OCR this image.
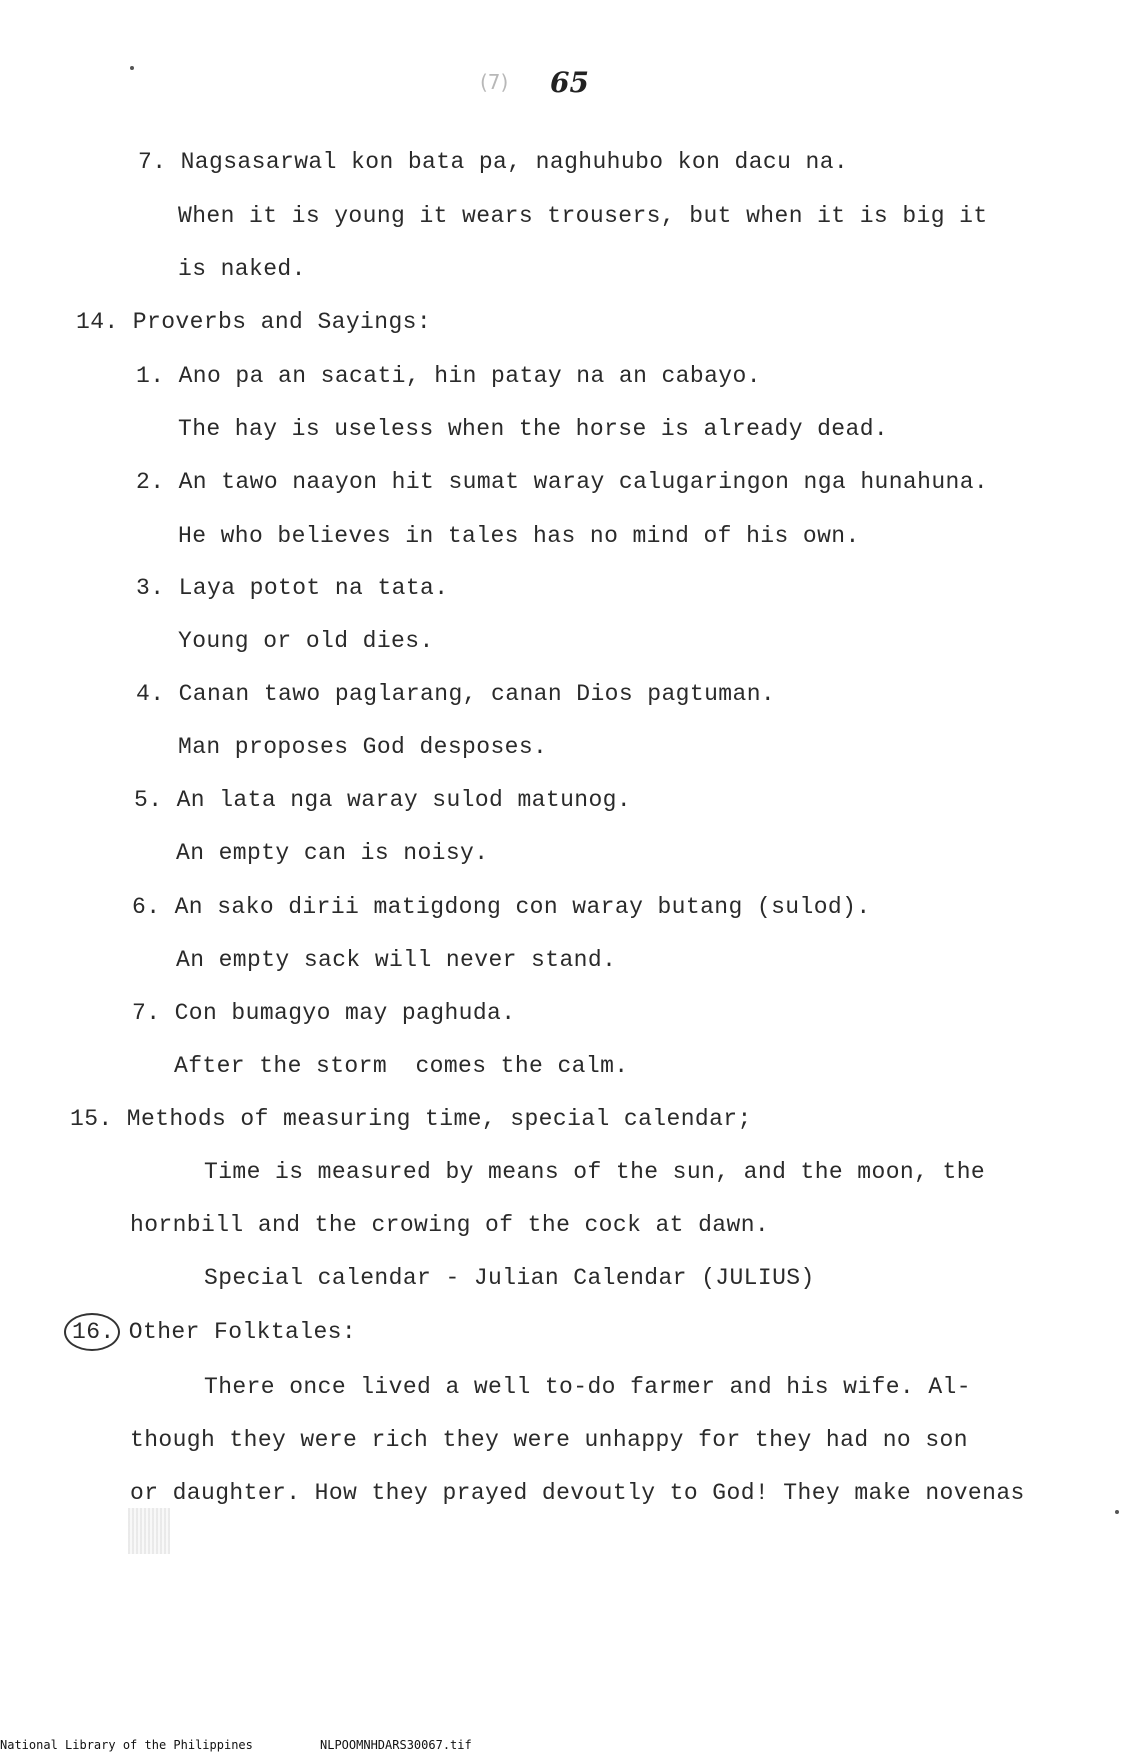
(7) 65
7. Nagsasarwal kon bata pa, naghuhubo kon dacu na.
When it is young it wears trousers, but when it is big it
is naked.
14. Proverbs and Sayings:
1. Ano pa an sacati, hin patay na an cabayo.
The hay is useless when the horse is already dead.
2. An tawo naayon hit sumat waray calugaringon nga hunahuna.
He who believes in tales has no mind of his own.
3. Laya potot na tata.
Young or old dies.
4. Canan tawo paglarang, canan Dios pagtuman.
Man proposes God desposes.
5. An lata nga waray sulod matunog.
An empty can is noisy.
6. An sako dirii matigdong con waray butang (sulod).
An empty sack will never stand.
7. Con bumagyo may paghuda.
After the storm  comes the calm.
15. Methods of measuring time, special calendar;
Time is measured by means of the sun, and the moon, the
hornbill and the crowing of the cock at dawn.
Special calendar - Julian Calendar (JULIUS)
16. Other Folktales:
There once lived a well to-do farmer and his wife. Al-
though they were rich they were unhappy for they had no son
or daughter. How they prayed devoutly to God! They make novenas
National Library of the Philippines	NLPOOMNHDARS30067.tif
